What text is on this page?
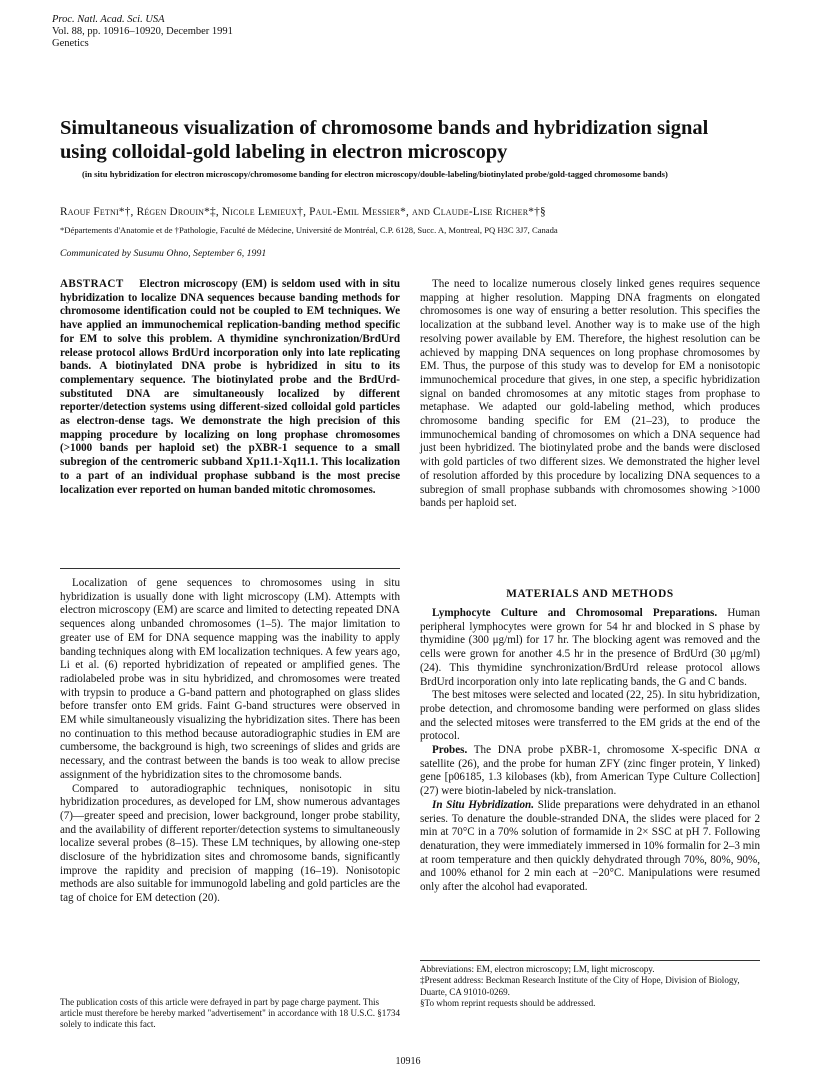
Proc. Natl. Acad. Sci. USA
Vol. 88, pp. 10916–10920, December 1991
Genetics
Simultaneous visualization of chromosome bands and hybridization signal using colloidal-gold labeling in electron microscopy
(in situ hybridization for electron microscopy/chromosome banding for electron microscopy/double-labeling/biotinylated probe/gold-tagged chromosome bands)
Raouf Fetni*†, Régen Drouin*‡, Nicole Lemieux†, Paul-Emil Messier*, and Claude-Lise Richer*†§
*Départements d'Anatomie et de †Pathologie, Faculté de Médecine, Université de Montréal, C.P. 6128, Succ. A, Montreal, PQ H3C 3J7, Canada
Communicated by Susumu Ohno, September 6, 1991

ABSTRACT Electron microscopy (EM) is seldom used with in situ hybridization to localize DNA sequences because banding methods for chromosome identification could not be coupled to EM techniques. We have applied an immunochemical replication-banding method specific for EM to solve this problem. A thymidine synchronization/BrdUrd release protocol allows BrdUrd incorporation only into late replicating bands. A biotinylated DNA probe is hybridized in situ to its complementary sequence. The biotinylated probe and the BrdUrd-substituted DNA are simultaneously localized by different reporter/detection systems using different-sized colloidal gold particles as electron-dense tags. We demonstrate the high precision of this mapping procedure by localizing on long prophase chromosomes (>1000 bands per haploid set) the pXBR-1 sequence to a small subregion of the centromeric subband Xp11.1-Xq11.1. This localization to a part of an individual prophase subband is the most precise localization ever reported on human banded mitotic chromosomes.

Localization of gene sequences to chromosomes using in situ hybridization is usually done with light microscopy (LM). Attempts with electron microscopy (EM) are scarce and limited to detecting repeated DNA sequences along unbanded chromosomes (1–5). The major limitation to greater use of EM for DNA sequence mapping was the inability to apply banding techniques along with EM localization techniques. A few years ago, Li et al. (6) reported hybridization of repeated or amplified genes. The radiolabeled probe was in situ hybridized, and chromosomes were treated with trypsin to produce a G-band pattern and photographed on glass slides before transfer onto EM grids. Faint G-band structures were observed in EM while simultaneously visualizing the hybridization sites. There has been no continuation to this method because autoradiographic studies in EM are cumbersome, the background is high, two screenings of slides and grids are necessary, and the contrast between the bands is too weak to allow precise assignment of the hybridization sites to the chromosome bands.

Compared to autoradiographic techniques, nonisotopic in situ hybridization procedures, as developed for LM, show numerous advantages (7)—greater speed and precision, lower background, longer probe stability, and the availability of different reporter/detection systems to simultaneously localize several probes (8–15). These LM techniques, by allowing one-step disclosure of the hybridization sites and chromosome bands, significantly improve the rapidity and precision of mapping (16–19). Nonisotopic methods are also suitable for immunogold labeling and gold particles are the tag of choice for EM detection (20).

The publication costs of this article were defrayed in part by page charge payment. This article must therefore be hereby marked "advertisement" in accordance with 18 U.S.C. §1734 solely to indicate this fact.

The need to localize numerous closely linked genes requires sequence mapping at higher resolution. Mapping DNA fragments on elongated chromosomes is one way of ensuring a better resolution. This specifies the localization at the subband level. Another way is to make use of the high resolving power available by EM. Therefore, the highest resolution can be achieved by mapping DNA sequences on long prophase chromosomes by EM. Thus, the purpose of this study was to develop for EM a nonisotopic immunochemical procedure that gives, in one step, a specific hybridization signal on banded chromosomes at any mitotic stages from prophase to metaphase. We adapted our gold-labeling method, which produces chromosome banding specific for EM (21–23), to produce the immunochemical banding of chromosomes on which a DNA sequence had just been hybridized. The biotinylated probe and the bands were disclosed with gold particles of two different sizes. We demonstrated the higher level of resolution afforded by this procedure by localizing DNA sequences to a subregion of small prophase subbands with chromosomes showing >1000 bands per haploid set.

MATERIALS AND METHODS

Lymphocyte Culture and Chromosomal Preparations. Human peripheral lymphocytes were grown for 54 hr and blocked in S phase by thymidine (300 μg/ml) for 17 hr. The blocking agent was removed and the cells were grown for another 4.5 hr in the presence of BrdUrd (30 μg/ml) (24). This thymidine synchronization/BrdUrd release protocol allows BrdUrd incorporation only into late replicating bands, the G and C bands.

The best mitoses were selected and located (22, 25). In situ hybridization, probe detection, and chromosome banding were performed on glass slides and the selected mitoses were transferred to the EM grids at the end of the protocol.

Probes. The DNA probe pXBR-1, chromosome X-specific DNA α satellite (26), and the probe for human ZFY (zinc finger protein, Y linked) gene [p06185, 1.3 kilobases (kb), from American Type Culture Collection] (27) were biotin-labeled by nick-translation.

In Situ Hybridization. Slide preparations were dehydrated in an ethanol series. To denature the double-stranded DNA, the slides were placed for 2 min at 70°C in a 70% solution of formamide in 2× SSC at pH 7. Following denaturation, they were immediately immersed in 10% formalin for 2–3 min at room temperature and then quickly dehydrated through 70%, 80%, 90%, and 100% ethanol for 2 min each at −20°C. Manipulations were resumed only after the alcohol had evaporated.

Abbreviations: EM, electron microscopy; LM, light microscopy.

‡Present address: Beckman Research Institute of the City of Hope, Division of Biology, Duarte, CA 91010-0269.

§To whom reprint requests should be addressed.

10916
